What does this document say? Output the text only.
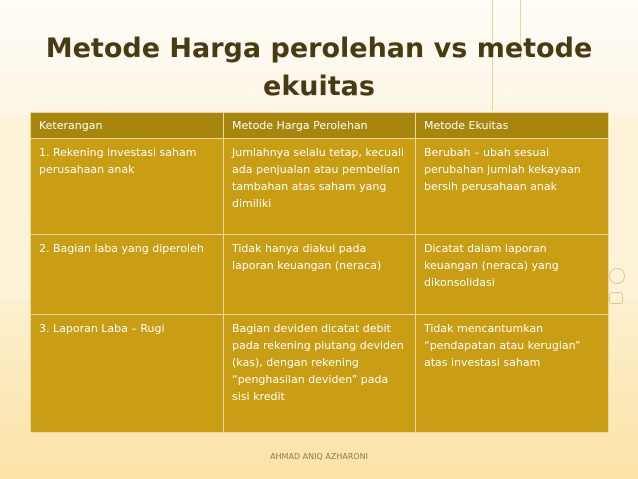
Metode Harga perolehan vs metode
ekuitas
Keterangan	Metode Harga Perolehan	Metode Ekuitas
1. Rekening investasi saham perusahaan anak	Jumlahnya selalu tetap, kecuali ada penjualan atau pembelian tambahan atas saham yang dimiliki	Berubah – ubah sesuai perubahan jumlah kekayaan bersih perusahaan anak
2. Bagian laba yang diperoleh	Tidak hanya diakui pada laporan keuangan (neraca)	Dicatat dalam laporan keuangan (neraca) yang dikonsolidasi
3. Laporan Laba – Rugi	Bagian deviden dicatat debit pada rekening piutang deviden (kas), dengan rekening “penghasilan deviden” pada sisi kredit	Tidak mencantumkan “pendapatan atau kerugian” atas investasi saham
AHMAD ANIQ AZHARONI
